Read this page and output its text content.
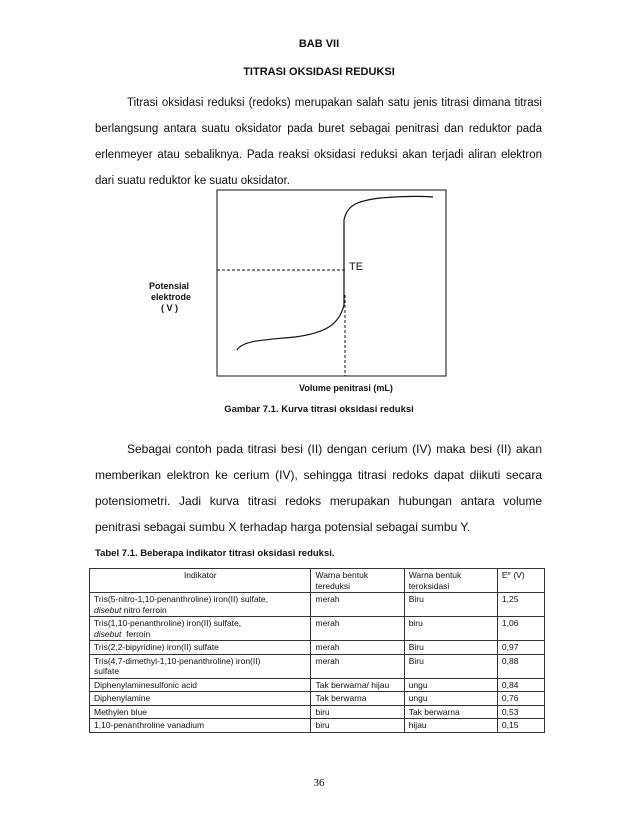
BAB VII
TITRASI OKSIDASI REDUKSI
Titrasi oksidasi reduksi (redoks) merupakan salah satu jenis titrasi dimana titrasi berlangsung antara suatu oksidator pada buret sebagai penitrasi dan reduktor pada erlenmeyer atau sebaliknya. Pada reaksi oksidasi reduksi akan terjadi aliran elektron dari suatu reduktor ke suatu oksidator.
TE
Potensial
elektrode
( V )
Volume penitrasi (mL)
Gambar 7.1. Kurva titrasi oksidasi reduksi
Sebagai contoh pada titrasi besi (II) dengan cerium (IV) maka besi (II) akan memberikan elektron ke cerium (IV), sehingga titrasi redoks dapat diikuti secara potensiometri. Jadi kurva titrasi redoks merupakan hubungan antara volume penitrasi sebagai sumbu X terhadap harga potensial sebagai sumbu Y.
Tabel 7.1. Beberapa indikator titrasi oksidasi reduksi.
Indikator	Warna bentuk tereduksi	Warna bentuk teroksidasi	E° (V)
Tris(5-nitro-1,10-penanthroline) iron(II) sulfate,
disebut nitro ferroin	merah	Biru	1,25
Tris(1,10-penanthroline) iron(II) sulfate,
disebut  ferroin	merah	biru	1,06
Tris(2,2-bipyridine) iron(II) sulfate	merah	Biru	0,97
Tris(4,7-dimethyl-1,10-penanthroline) iron(II)
sulfate	merah	Biru	0,88
Diphenylaminesulfonic acid	Tak berwarna/ hijau	ungu	0,84
Diphenylamine	Tak berwarna	ungu	0,76
Methylen blue	biru	Tak berwarna	0,53
1,10-penanthroline vanadium	biru	hijau	0,15
36
